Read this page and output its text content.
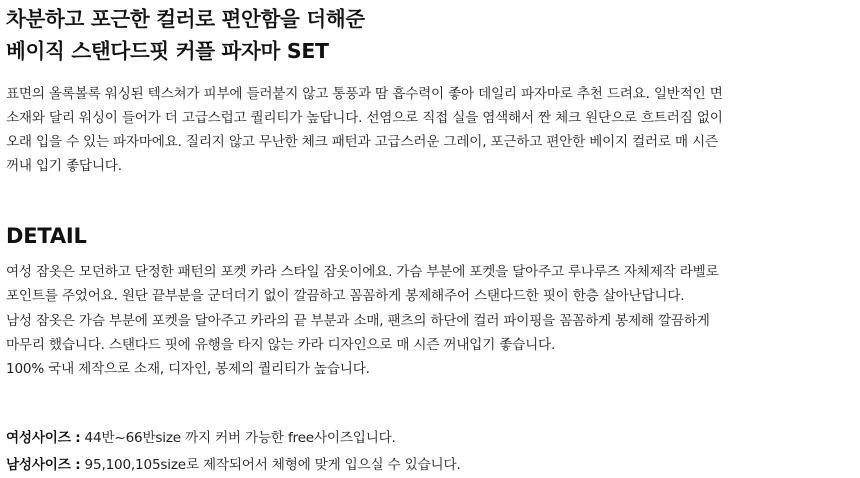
차분하고 포근한 컬러로 편안함을 더해준
베이직 스탠다드핏 커플 파자마 SET

표면의 올록볼록 워싱된 텍스쳐가 피부에 들러붙지 않고 통풍과 땀 흡수력이 좋아 데일리 파자마로 추천 드려요. 일반적인 면
소재와 달리 워싱이 들어가 더 고급스럽고 퀄리티가 높답니다. 선염으로 직접 실을 염색해서 짠 체크 원단으로 흐트러짐 없이
오래 입을 수 있는 파자마에요. 질리지 않고 무난한 체크 패턴과 고급스러운 그레이, 포근하고 편안한 베이지 컬러로 매 시즌
꺼내 입기 좋답니다.

DETAIL
여성 잠옷은 모던하고 단정한 패턴의 포켓 카라 스타일 잠옷이에요. 가슴 부분에 포켓을 달아주고 루나루즈 자체제작 라벨로
포인트를 주었어요. 원단 끝부분을 군더더기 없이 깔끔하고 꼼꼼하게 봉제해주어 스탠다드한 핏이 한층 살아난답니다.
남성 잠옷은 가슴 부분에 포켓을 달아주고 카라의 끝 부분과 소매, 팬츠의 하단에 컬러 파이핑을 꼼꼼하게 봉제해 깔끔하게
마무리 했습니다. 스탠다드 핏에 유행을 타지 않는 카라 디자인으로 매 시즌 꺼내입기 좋습니다.
100% 국내 제작으로 소재, 디자인, 봉제의 퀄리티가 높습니다.
여성사이즈 : 44반~66반size 까지 커버 가능한 free사이즈입니다.
남성사이즈 : 95,100,105size로 제작되어서 체형에 맞게 입으실 수 있습니다.
